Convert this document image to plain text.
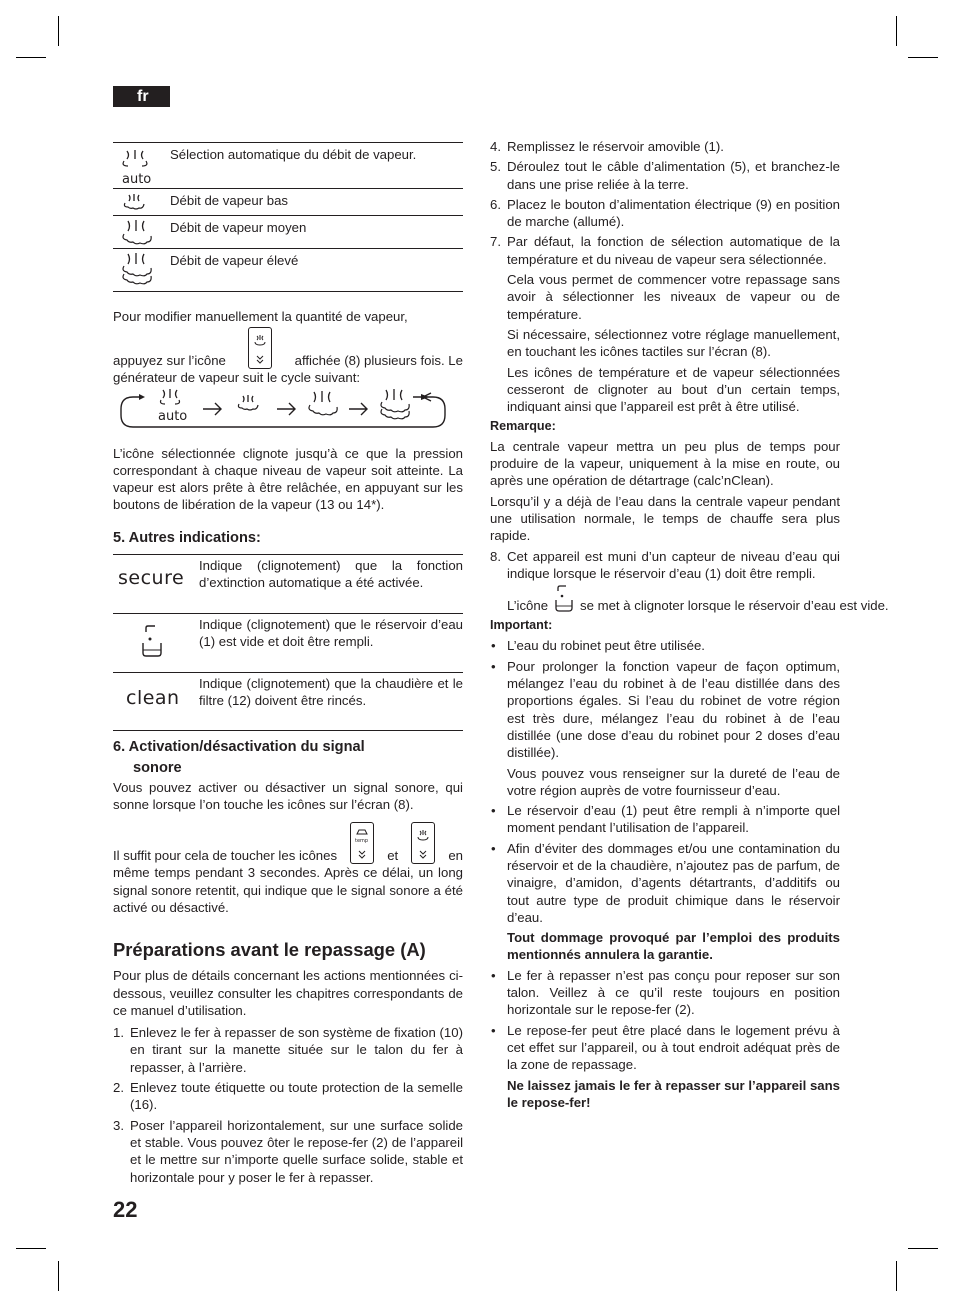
fr
auto
Sélection automatique du débit de vapeur.
Débit de vapeur bas
Débit de vapeur moyen
Débit de vapeur élevé

Pour modifier manuellement la quantité de vapeur,

appuyez sur l’icône	affichée (8) plusieurs fois. Le

générateur de vapeur suit le cycle suivant:

auto

L’icône sélectionnée clignote jusqu’à ce que la pression correspondant à chaque niveau de vapeur soit atteinte. La vapeur est alors prête à être relâchée, en appuyant sur les boutons de libération de la vapeur (13 ou 14*).

5. Autres indications:
secure
Indique (clignotement) que la fonction d’extinction automatique a été activée.
Indique (clignotement) que le réservoir d’eau (1) est vide et doit être rempli.
clean
Indique (clignotement) que la chaudière et le filtre (12) doivent être rincés.
6. Activation/désactivation du signal
sonore

Vous pouvez activer ou désactiver un signal sonore, qui sonne lorsque l’on touche les icônes sur l’écran (8).

Il suffit pour cela de toucher les icônes
temp
et	en

même temps pendant 3 secondes. Après ce délai, un long signal sonore retentit, qui indique que le signal sonore a été activé ou désactivé.

Préparations avant le repassage (A)

Pour plus de détails concernant les actions mentionnées ci-dessous, veuillez consulter les chapitres correspondants de ce manuel d’utilisation.

1. Enlevez le fer à repasser de son système de fixation (10) en tirant sur la manette située sur le talon du fer à repasser, à l’arrière.

2. Enlevez toute étiquette ou toute protection de la semelle (16).

3. Poser l’appareil horizontalement, sur une surface solide et stable. Vous pouvez ôter le repose-fer (2) de l’appareil et le mettre sur n’importe quelle surface solide, stable et horizontale pour y poser le fer à repasser.

4. Remplissez le réservoir amovible (1).

5. Déroulez tout le câble d’alimentation (5), et branchez-le dans une prise reliée à la terre.

6. Placez le bouton d’alimentation électrique (9) en position de marche (allumé).

7. Par défaut, la fonction de sélection automatique de la température et du niveau de vapeur sera sélectionnée.

Cela vous permet de commencer votre repassage sans avoir à sélectionner les niveaux de vapeur ou de température.

Si nécessaire, sélectionnez votre réglage manuellement, en touchant les icônes tactiles sur l’écran (8).

Les icônes de température et de vapeur sélectionnées cesseront de clignoter au bout d’un certain temps, indiquant ainsi que l’appareil est prêt à être utilisé.

Remarque:

La centrale vapeur mettra un peu plus de temps pour produire de la vapeur, uniquement à la mise en route, ou après une opération de détartrage (calc’nClean).

Lorsqu’il y a déjà de l’eau dans la centrale vapeur pendant une utilisation normale, le temps de chauffe sera plus rapide.

8. Cet appareil est muni d’un capteur de niveau d’eau qui indique lorsque le réservoir d’eau (1) doit être rempli.

L’icône se met à clignoter lorsque le réservoir d’eau est vide.

Important:

• L’eau du robinet peut être utilisée.

• Pour prolonger la fonction vapeur de façon optimum, mélangez l’eau du robinet à de l’eau distillée dans des proportions égales. Si l’eau du robinet de votre région est très dure, mélangez l’eau du robinet à de l’eau distillée (une dose d’eau du robinet pour 2 doses d’eau distillée).

Vous pouvez vous renseigner sur la dureté de l’eau de votre région auprès de votre fournisseur d’eau.

• Le réservoir d’eau (1) peut être rempli à n’importe quel moment pendant l’utilisation de l’appareil.

• Afin d’éviter des dommages et/ou une contamination du réservoir et de la chaudière, n’ajoutez pas de parfum, de vinaigre, d’amidon, d’agents détartrants, d’additifs ou tout autre type de produit chimique dans le réservoir d’eau.

Tout dommage provoqué par l’emploi des produits mentionnés annulera la garantie.

• Le fer à repasser n’est pas conçu pour reposer sur son talon. Veillez à ce qu’il reste toujours en position horizontale sur le repose-fer (2).

• Le repose-fer peut être placé dans le logement prévu à cet effet sur l’appareil, ou à tout endroit adéquat près de la zone de repassage.

Ne laissez jamais le fer à repasser sur l’appareil sans le repose-fer!

22
